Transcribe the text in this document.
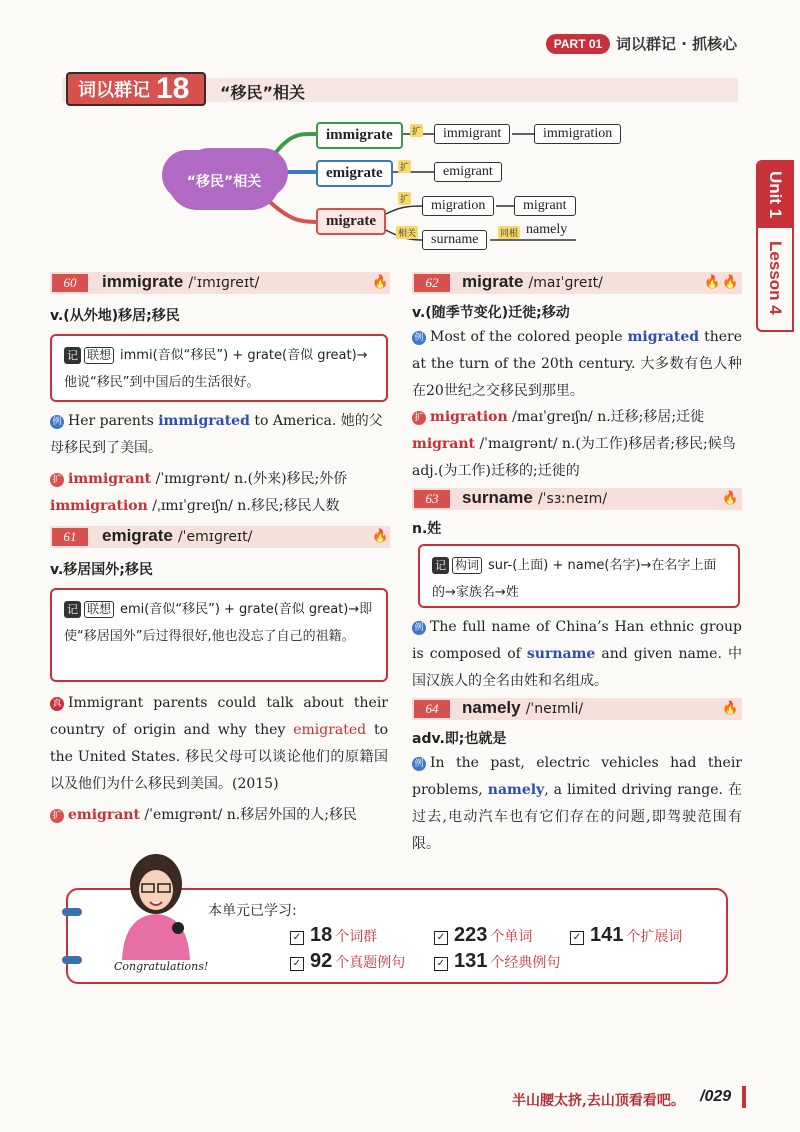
PART 01 词以群记 · 抓核心
Unit 1
Lesson 4
词以群记 18 “移民”相关
“移民”相关
immigrate	扩	immigrant	immigration
emigrate	扩	emigrant
migrate
扩	migration	migrant
相关	surname	同根 namely
60	immigrate /ˈɪmɪɡreɪt/	🔥
v.(从外地)移居;移民
记 联想 immi(音似“移民”) + grate(音似 great)→他说“移民”到中国后的生活很好。
例 Her parents immigrated to America. 她的父母移民到了美国。
扩 immigrant /ˈɪmɪɡrənt/ n.(外来)移民;外侨
immigration /ˌɪmɪˈɡreɪʃn/ n.移民;移民人数
61	emigrate /ˈemɪɡreɪt/	🔥
v.移居国外;移民
记 联想 emi(音似“移民”) + grate(音似 great)→即使“移居国外”后过得很好,他也没忘了自己的祖籍。
真 Immigrant parents could talk about their country of origin and why they emigrated to the United States. 移民父母可以谈论他们的原籍国以及他们为什么移民到美国。(2015)
扩 emigrant /ˈemɪɡrənt/ n.移居外国的人;移民
62	migrate /maɪˈɡreɪt/	🔥 🔥
v.(随季节变化)迁徙;移动
例 Most of the colored people migrated there at the turn of the 20th century. 大多数有色人种在20世纪之交移民到那里。
扩 migration /maɪˈɡreɪʃn/ n.迁移;移居;迁徙
migrant /ˈmaɪɡrənt/ n.(为工作)移居者;移民;候鸟 adj.(为工作)迁移的;迁徙的
63	surname /ˈsɜːneɪm/	🔥
n.姓
记 构词 sur-(上面) + name(名字)→在名字上面的→家族名→姓
例 The full name of China’s Han ethnic group is composed of surname and given name. 中国汉族人的全名由姓和名组成。
64	namely /ˈneɪmli/	🔥
adv.即;也就是
例 In the past, electric vehicles had their problems, namely, a limited driving range. 在过去,电动汽车也有它们存在的问题,即驾驶范围有限。
Congratulations!
本单元已学习:
✓ 18 个词群	✓ 223 个单词	✓ 141 个扩展词
✓ 92 个真题例句	✓ 131 个经典例句
半山腰太挤,去山顶看看吧。 /029
